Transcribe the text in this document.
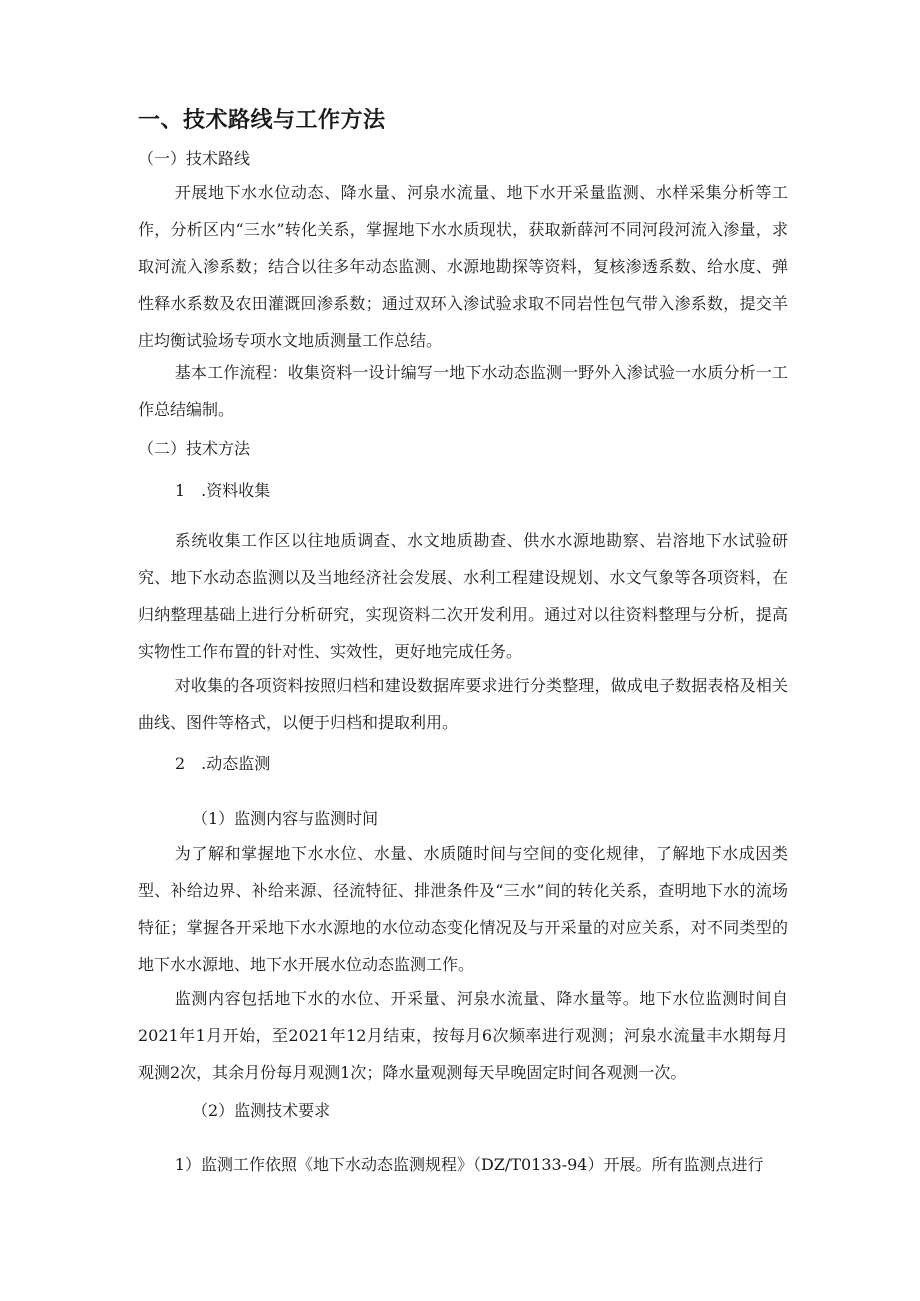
一、技术路线与工作方法
（一）技术路线
开展地下水水位动态、降水量、河泉水流量、地下水开采量监测、水样采集分析等工作，分析区内“三水”转化关系，掌握地下水水质现状，获取新薛河不同河段河流入渗量，求取河流入渗系数；结合以往多年动态监测、水源地勘探等资料，复核渗透系数、给水度、弹性释水系数及农田灌溉回渗系数；通过双环入渗试验求取不同岩性包气带入渗系数，提交羊庄均衡试验场专项水文地质测量工作总结。
基本工作流程：收集资料一设计编写一地下水动态监测一野外入渗试验一水质分析一工作总结编制。
（二）技术方法
1　.资料收集
系统收集工作区以往地质调查、水文地质勘查、供水水源地勘察、岩溶地下水试验研究、地下水动态监测以及当地经济社会发展、水利工程建设规划、水文气象等各项资料，在归纳整理基础上进行分析研究，实现资料二次开发利用。通过对以往资料整理与分析，提高实物性工作布置的针对性、实效性，更好地完成任务。
对收集的各项资料按照归档和建设数据库要求进行分类整理，做成电子数据表格及相关曲线、图件等格式，以便于归档和提取利用。
2　.动态监测
（1）监测内容与监测时间
为了解和掌握地下水水位、水量、水质随时间与空间的变化规律，了解地下水成因类型、补给边界、补给来源、径流特征、排泄条件及“三水”间的转化关系，查明地下水的流场特征；掌握各开采地下水水源地的水位动态变化情况及与开采量的对应关系，对不同类型的地下水水源地、地下水开展水位动态监测工作。
监测内容包括地下水的水位、开采量、河泉水流量、降水量等。地下水位监测时间自2021年1月开始，至2021年12月结束，按每月6次频率进行观测；河泉水流量丰水期每月观测2次，其余月份每月观测1次；降水量观测每天早晚固定时间各观测一次。
（2）监测技术要求
1）监测工作依照《地下水动态监测规程》（DZ/T0133-94）开展。所有监测点进行
